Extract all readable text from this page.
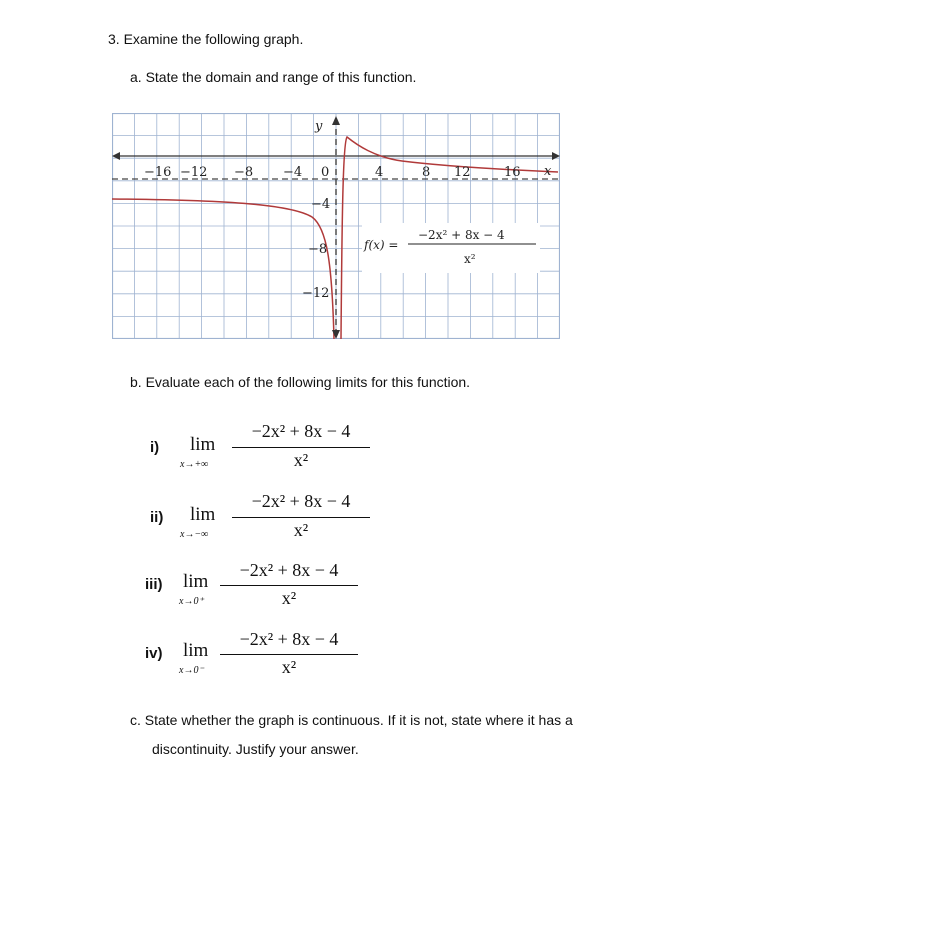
3. Examine the following graph.
a. State the domain and range of this function.
y
x
−16 −12 −8 −4 0	4	8 12	16
−4
−8
−12
f(x) =
−2x² + 8x − 4
x²
b. Evaluate each of the following limits for this function.
i) lim
x→+∞
−2x² + 8x − 4
x²
ii) lim
x→−∞
−2x² + 8x − 4
x²
iii) lim
x→0⁺
−2x² + 8x − 4
x²
iv) lim
x→0⁻
−2x² + 8x − 4
x²
c. State whether the graph is continuous. If it is not, state where it has a
discontinuity. Justify your answer.
